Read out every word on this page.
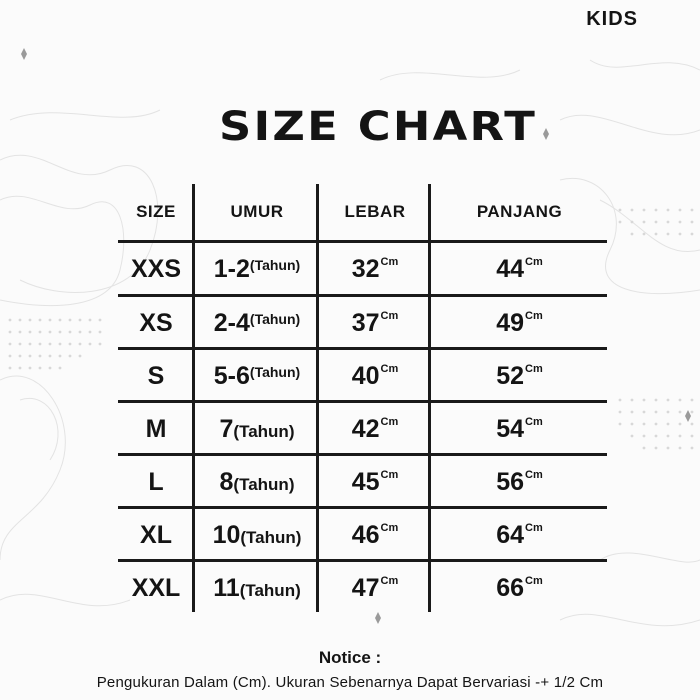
KIDS
SIZE CHART
SIZE	UMUR	LEBAR	PANJANG
XXS	$1-2^{(Tahun)}$	$32^{Cm}$	$44^{Cm}$
XS	$2-4^{(Tahun)}$	$37^{Cm}$	$49^{Cm}$
S	$5-6^{(Tahun)}$	$40^{Cm}$	$52^{Cm}$
M	7(Tahun)	$42^{Cm}$	$54^{Cm}$
L	8(Tahun)	$45^{Cm}$	$56^{Cm}$
XL	10(Tahun)	$46^{Cm}$	$64^{Cm}$
XXL	11(Tahun)	$47^{Cm}$	$66^{Cm}$
Notice :
Pengukuran Dalam (Cm). Ukuran Sebenarnya Dapat Bervariasi -+ 1/2 Cm
